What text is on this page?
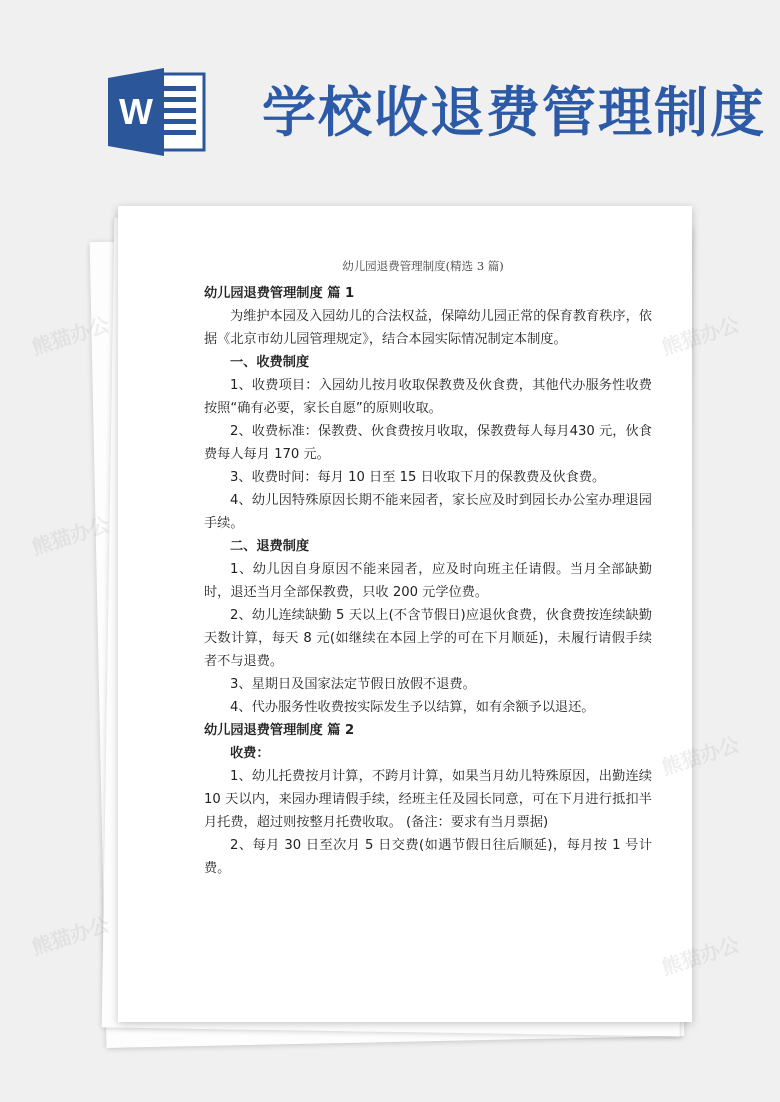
W 学校收退费管理制度
幼儿园退费管理制度(精选 3 篇)
幼儿园退费管理制度 篇 1
为维护本园及入园幼儿的合法权益，保障幼儿园正常的保育教育秩序，依据《北京市幼儿园管理规定》，结合本园实际情况制定本制度。
一、收费制度
1、收费项目：入园幼儿按月收取保教费及伙食费，其他代办服务性收费按照“确有必要，家长自愿”的原则收取。
2、收费标准：保教费、伙食费按月收取，保教费每人每月430 元，伙食费每人每月 170 元。
3、收费时间：每月 10 日至 15 日收取下月的保教费及伙食费。
4、幼儿因特殊原因长期不能来园者，家长应及时到园长办公室办理退园手续。
二、退费制度
1、幼儿因自身原因不能来园者，应及时向班主任请假。当月全部缺勤时，退还当月全部保教费，只收 200 元学位费。
2、幼儿连续缺勤 5 天以上(不含节假日)应退伙食费，伙食费按连续缺勤天数计算，每天 8 元(如继续在本园上学的可在下月顺延)，未履行请假手续者不与退费。
3、星期日及国家法定节假日放假不退费。
4、代办服务性收费按实际发生予以结算，如有余额予以退还。
幼儿园退费管理制度 篇 2
收费：
1、幼儿托费按月计算，不跨月计算，如果当月幼儿特殊原因，出勤连续 10 天以内，来园办理请假手续，经班主任及园长同意，可在下月进行抵扣半月托费，超过则按整月托费收取。 (备注：要求有当月票据)
2、每月 30 日至次月 5 日交费(如遇节假日往后顺延)，每月按 1 号计费。
熊猫办公	熊猫办公
熊猫办公
熊猫办公
熊猫办公	熊猫办公
